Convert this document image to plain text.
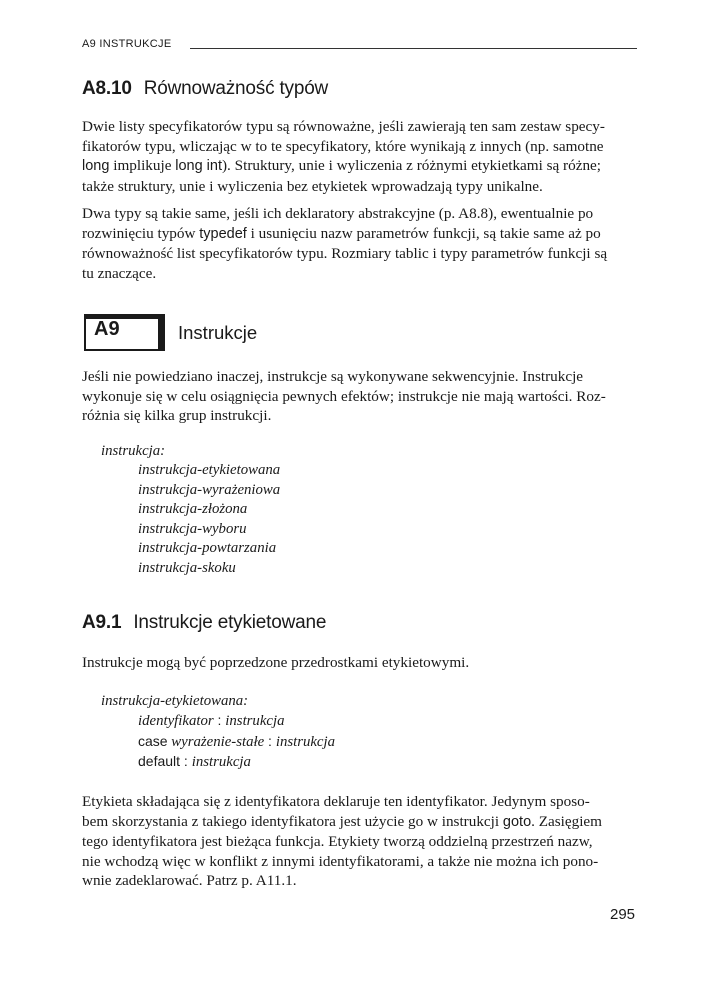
A9 INSTRUKCJE
A8.10 Równoważność typów
Dwie listy specyfikatorów typu są równoważne, jeśli zawierają ten sam zestaw specy-
fikatorów typu, wliczając w to te specyfikatory, które wynikają z innych (np. samotne
long implikuje long int). Struktury, unie i wyliczenia z różnymi etykietkami są różne;
także struktury, unie i wyliczenia bez etykietek wprowadzają typy unikalne.
Dwa typy są takie same, jeśli ich deklaratory abstrakcyjne (p. A8.8), ewentualnie po
rozwinięciu typów typedef i usunięciu nazw parametrów funkcji, są takie same aż po
równoważność list specyfikatorów typu. Rozmiary tablic i typy parametrów funkcji są
tu znaczące.
A9	Instrukcje
Jeśli nie powiedziano inaczej, instrukcje są wykonywane sekwencyjnie. Instrukcje
wykonuje się w celu osiągnięcia pewnych efektów; instrukcje nie mają wartości. Roz-
różnia się kilka grup instrukcji.
instrukcja:
instrukcja-etykietowana
instrukcja-wyrażeniowa
instrukcja-złożona
instrukcja-wyboru
instrukcja-powtarzania
instrukcja-skoku
A9.1 Instrukcje etykietowane
Instrukcje mogą być poprzedzone przedrostkami etykietowymi.
instrukcja-etykietowana:
identyfikator : instrukcja
case wyrażenie-stałe : instrukcja
default : instrukcja
Etykieta składająca się z identyfikatora deklaruje ten identyfikator. Jedynym sposo-
bem skorzystania z takiego identyfikatora jest użycie go w instrukcji goto. Zasięgiem
tego identyfikatora jest bieżąca funkcja. Etykiety tworzą oddzielną przestrzeń nazw,
nie wchodzą więc w konflikt z innymi identyfikatorami, a także nie można ich pono-
wnie zadeklarować. Patrz p. A11.1.
295
